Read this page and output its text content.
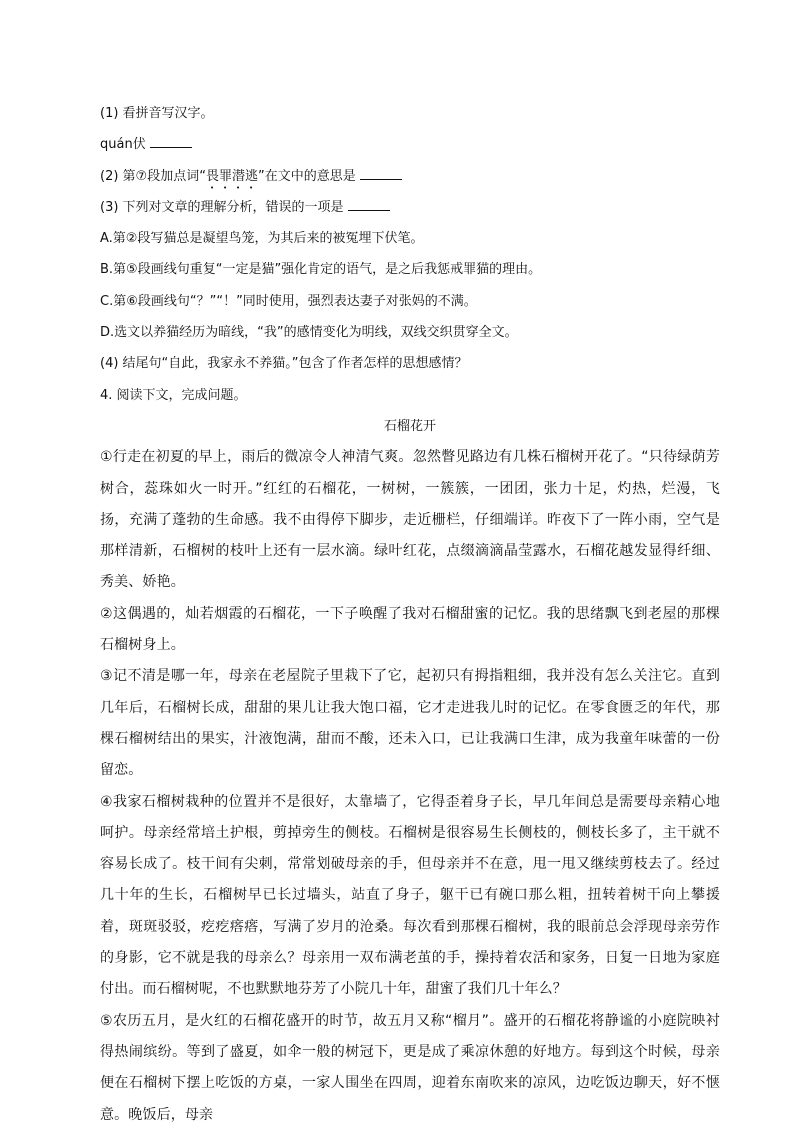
(1) 看拼音写汉字。
quán伏
(2) 第⑦段加点词“畏罪潜逃”在文中的意思是
(3) 下列对文章的理解分析，错误的一项是
A.第②段写猫总是凝望鸟笼，为其后来的被冤埋下伏笔。
B.第⑤段画线句重复“一定是猫”强化肯定的语气，是之后我惩戒罪猫的理由。
C.第⑥段画线句“？”“！”同时使用，强烈表达妻子对张妈的不满。
D.选文以养猫经历为暗线，“我”的感情变化为明线，双线交织贯穿全文。
(4) 结尾句“自此，我家永不养猫。”包含了作者怎样的思想感情？
4. 阅读下文，完成问题。
石榴花开

①行走在初夏的早上，雨后的微凉令人神清气爽。忽然瞥见路边有几株石榴树开花了。“只待绿荫芳树合，蕊珠如火一时开。”红红的石榴花，一树树，一簇簇，一团团，张力十足，灼热，烂漫，飞扬，充满了蓬勃的生命感。我不由得停下脚步，走近栅栏，仔细端详。昨夜下了一阵小雨，空气是那样清新，石榴树的枝叶上还有一层水滴。绿叶红花，点缀滴滴晶莹露水，石榴花越发显得纤细、秀美、娇艳。

②这偶遇的，灿若烟霞的石榴花，一下子唤醒了我对石榴甜蜜的记忆。我的思绪飘飞到老屋的那棵石榴树身上。

③记不清是哪一年，母亲在老屋院子里栽下了它，起初只有拇指粗细，我并没有怎么关注它。直到几年后，石榴树长成，甜甜的果儿让我大饱口福，它才走进我儿时的记忆。在零食匮乏的年代，那棵石榴树结出的果实，汁液饱满，甜而不酸，还未入口，已让我满口生津，成为我童年味蕾的一份留恋。

④我家石榴树栽种的位置并不是很好，太靠墙了，它得歪着身子长，早几年间总是需要母亲精心地呵护。母亲经常培土护根，剪掉旁生的侧枝。石榴树是很容易生长侧枝的，侧枝长多了，主干就不容易长成了。枝干间有尖刺，常常划破母亲的手，但母亲并不在意，甩一甩又继续剪枝去了。经过几十年的生长，石榴树早已长过墙头，站直了身子，躯干已有碗口那么粗，扭转着树干向上攀援着，斑斑驳驳，疙疙瘩瘩，写满了岁月的沧桑。每次看到那棵石榴树，我的眼前总会浮现母亲劳作的身影，它不就是我的母亲么？母亲用一双布满老茧的手，操持着农活和家务，日复一日地为家庭付出。而石榴树呢，不也默默地芬芳了小院几十年，甜蜜了我们几十年么？

⑤农历五月，是火红的石榴花盛开的时节，故五月又称“榴月”。盛开的石榴花将静谧的小庭院映衬得热闹缤纷。等到了盛夏，如伞一般的树冠下，更是成了乘凉休憩的好地方。每到这个时候，母亲便在石榴树下摆上吃饭的方桌，一家人围坐在四周，迎着东南吹来的凉风，边吃饭边聊天，好不惬意。晚饭后，母亲
